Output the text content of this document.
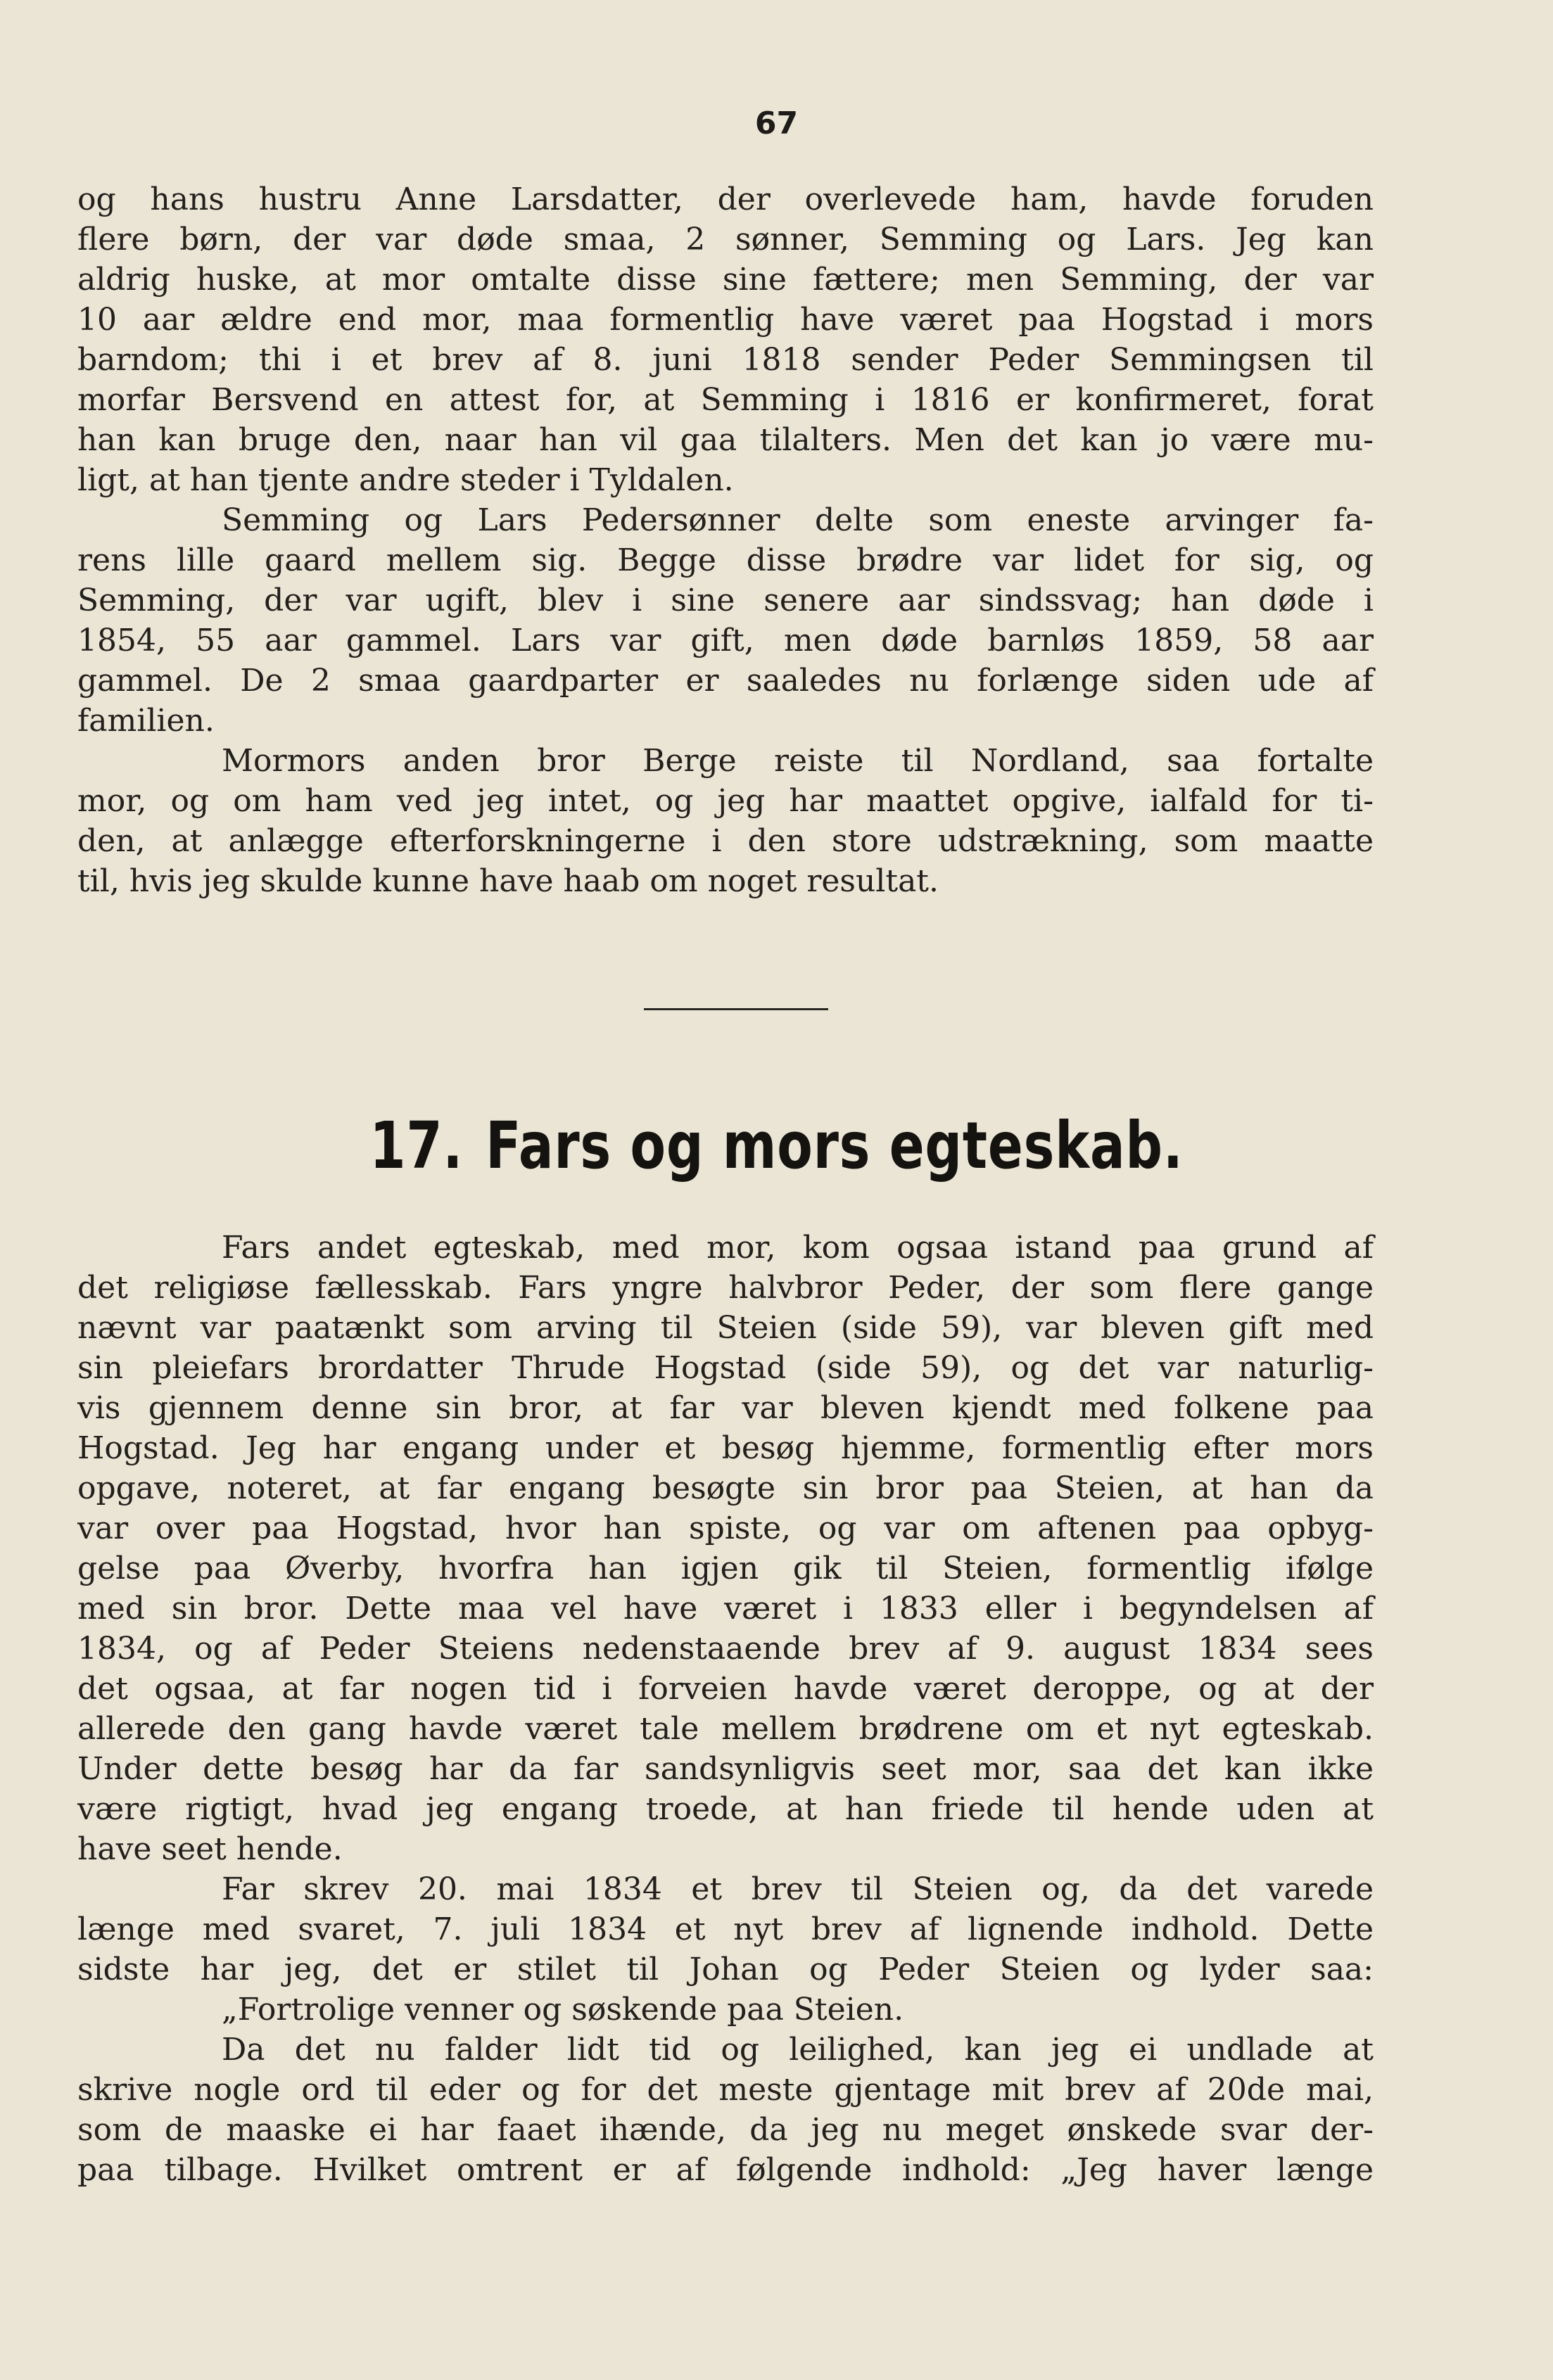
67
og hans hustru Anne Larsdatter, der overlevede ham, havde foruden
flere børn, der var døde smaa, 2 sønner, Semming og Lars. Jeg kan
aldrig huske, at mor omtalte disse sine fættere; men Semming, der var
10 aar ældre end mor, maa formentlig have været paa Hogstad i mors
barndom; thi i et brev af 8. juni 1818 sender Peder Semmingsen til
morfar Bersvend en attest for, at Semming i 1816 er konfirmeret, forat
han kan bruge den, naar han vil gaa tilalters. Men det kan jo være mu-
ligt, at han tjente andre steder i Tyldalen.
Semming og Lars Pedersønner delte som eneste arvinger fa-
rens lille gaard mellem sig. Begge disse brødre var lidet for sig, og
Semming, der var ugift, blev i sine senere aar sindssvag; han døde i
1854, 55 aar gammel. Lars var gift, men døde barnløs 1859, 58 aar
gammel. De 2 smaa gaardparter er saaledes nu forlænge siden ude af
familien.
Mormors anden bror Berge reiste til Nordland, saa fortalte
mor, og om ham ved jeg intet, og jeg har maattet opgive, ialfald for ti-
den, at anlægge efterforskningerne i den store udstrækning, som maatte
til, hvis jeg skulde kunne have haab om noget resultat.
17. Fars og mors egteskab.
Fars andet egteskab, med mor, kom ogsaa istand paa grund af
det religiøse fællesskab. Fars yngre halvbror Peder, der som flere gange
nævnt var paatænkt som arving til Steien (side 59), var bleven gift med
sin pleiefars brordatter Thrude Hogstad (side 59), og det var naturlig-
vis gjennem denne sin bror, at far var bleven kjendt med folkene paa
Hogstad. Jeg har engang under et besøg hjemme, formentlig efter mors
opgave, noteret, at far engang besøgte sin bror paa Steien, at han da
var over paa Hogstad, hvor han spiste, og var om aftenen paa opbyg-
gelse paa Øverby, hvorfra han igjen gik til Steien, formentlig ifølge
med sin bror. Dette maa vel have været i 1833 eller i begyndelsen af
1834, og af Peder Steiens nedenstaaende brev af 9. august 1834 sees
det ogsaa, at far nogen tid i forveien havde været deroppe, og at der
allerede den gang havde været tale mellem brødrene om et nyt egteskab.
Under dette besøg har da far sandsynligvis seet mor, saa det kan ikke
være rigtigt, hvad jeg engang troede, at han friede til hende uden at
have seet hende.
Far skrev 20. mai 1834 et brev til Steien og, da det varede
længe med svaret, 7. juli 1834 et nyt brev af lignende indhold. Dette
sidste har jeg, det er stilet til Johan og Peder Steien og lyder saa:
„Fortrolige venner og søskende paa Steien.
Da det nu falder lidt tid og leilighed, kan jeg ei undlade at
skrive nogle ord til eder og for det meste gjentage mit brev af 20de mai,
som de maaske ei har faaet ihænde, da jeg nu meget ønskede svar der-
paa tilbage. Hvilket omtrent er af følgende indhold: „Jeg haver længe
